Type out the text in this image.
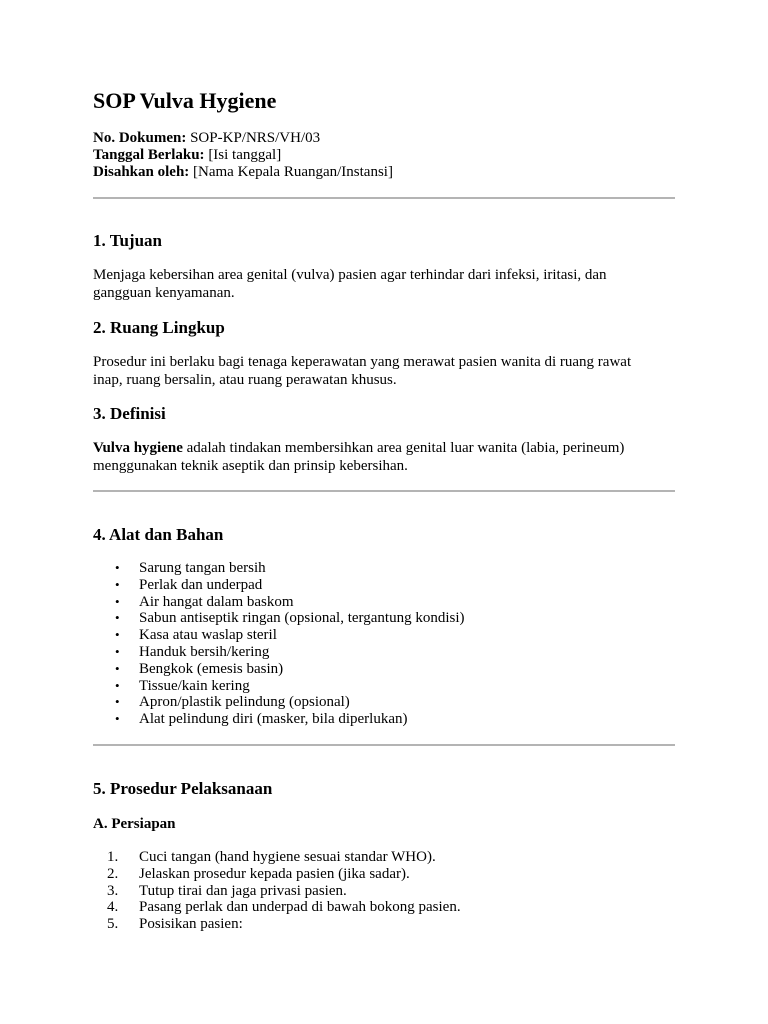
SOP Vulva Hygiene
No. Dokumen: SOP-KP/NRS/VH/03
Tanggal Berlaku: [Isi tanggal]
Disahkan oleh: [Nama Kepala Ruangan/Instansi]
1. Tujuan

Menjaga kebersihan area genital (vulva) pasien agar terhindar dari infeksi, iritasi, dan gangguan kenyamanan.

2. Ruang Lingkup

Prosedur ini berlaku bagi tenaga keperawatan yang merawat pasien wanita di ruang rawat inap, ruang bersalin, atau ruang perawatan khusus.

3. Definisi

Vulva hygiene adalah tindakan membersihkan area genital luar wanita (labia, perineum) menggunakan teknik aseptik dan prinsip kebersihan.

4. Alat dan Bahan
•	Sarung tangan bersih
•	Perlak dan underpad
•	Air hangat dalam baskom
•	Sabun antiseptik ringan (opsional, tergantung kondisi)
•	Kasa atau waslap steril
•	Handuk bersih/kering
•	Bengkok (emesis basin)
•	Tissue/kain kering
•	Apron/plastik pelindung (opsional)
•	Alat pelindung diri (masker, bila diperlukan)
5. Prosedur Pelaksanaan
A. Persiapan
1.	Cuci tangan (hand hygiene sesuai standar WHO).
2.	Jelaskan prosedur kepada pasien (jika sadar).
3.	Tutup tirai dan jaga privasi pasien.
4.	Pasang perlak dan underpad di bawah bokong pasien.
5.	Posisikan pasien:
